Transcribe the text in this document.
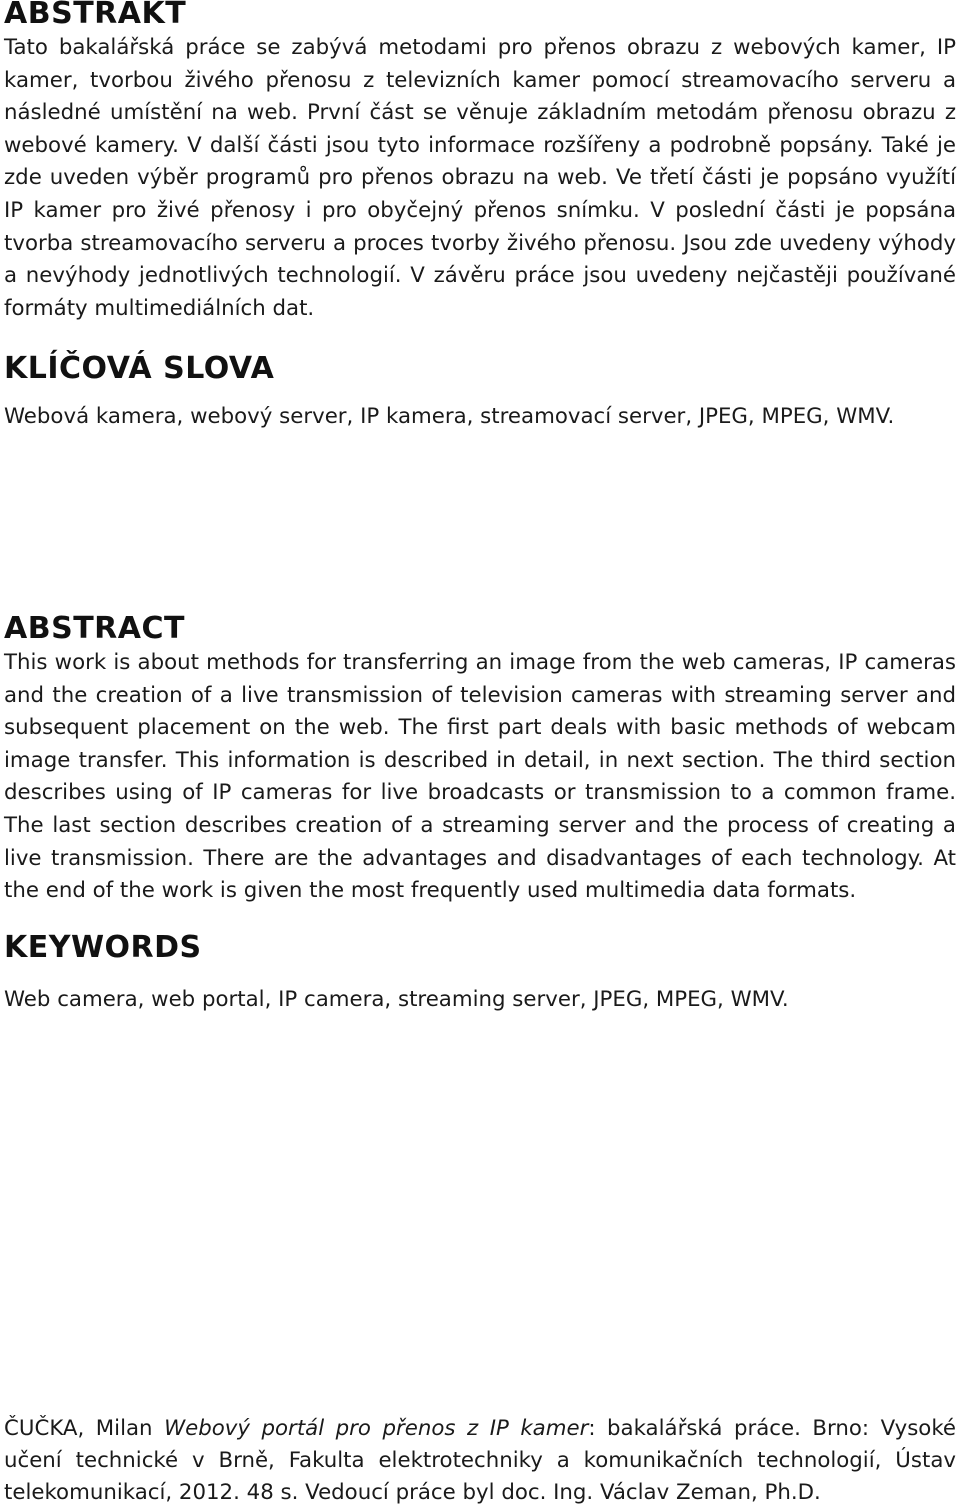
ABSTRAKT

Tato bakalářská práce se zabývá metodami pro přenos obrazu z webových kamer, IP kamer, tvorbou živého přenosu z televizních kamer pomocí streamovacího serveru a následné umístění na web. První část se věnuje základním metodám přenosu obrazu z webové kamery. V další části jsou tyto informace rozšířeny a podrobně popsány. Také je zde uveden výběr programů pro přenos obrazu na web. Ve třetí části je popsáno využítí IP kamer pro živé přenosy i pro obyčejný přenos snímku. V poslední části je popsána tvorba streamovacího serveru a proces tvorby živého přenosu. Jsou zde uvedeny výhody a nevýhody jednotlivých technologií. V závěru práce jsou uvedeny nejčastěji používané formáty multimediálních dat.

KLÍČOVÁ SLOVA

Webová kamera, webový server, IP kamera, streamovací server, JPEG, MPEG, WMV.

ABSTRACT

This work is about methods for transferring an image from the web cameras, IP cameras and the creation of a live transmission of television cameras with streaming server and subsequent placement on the web. The first part deals with basic methods of webcam image transfer. This information is described in detail, in next section. The third section describes using of IP cameras for live broadcasts or transmission to a common frame. The last section describes creation of a streaming server and the process of creating a live transmission. There are the advantages and disadvantages of each technology. At the end of the work is given the most frequently used multimedia data formats.

KEYWORDS

Web camera, web portal, IP camera, streaming server, JPEG, MPEG, WMV.

ČUČKA, Milan Webový portál pro přenos z IP kamer: bakalářská práce. Brno: Vysoké učení technické v Brně, Fakulta elektrotechniky a komunikačních technologií, Ústav telekomunikací, 2012. 48 s. Vedoucí práce byl doc. Ing. Václav Zeman, Ph.D.
